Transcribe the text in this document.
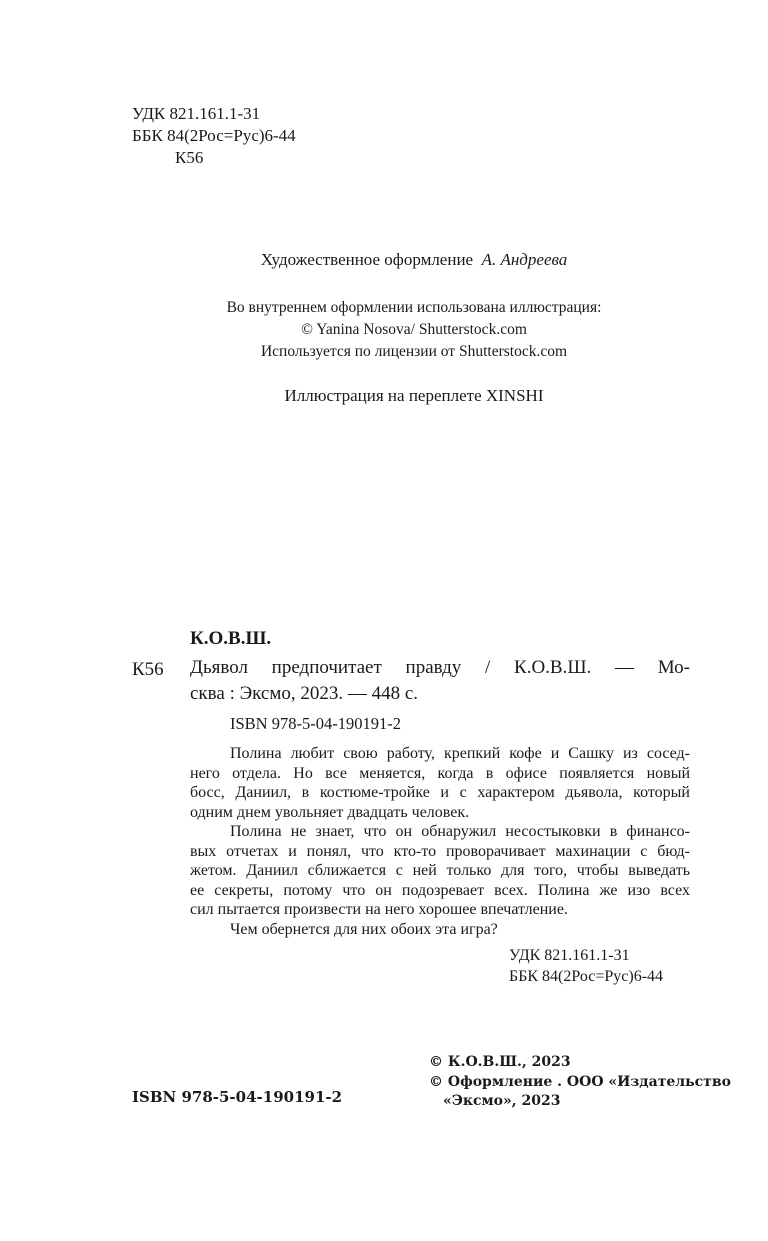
УДК 821.161.1-31
ББК 84(2Рос=Рус)6-44
К56
Художественное оформление А. Андреева
Во внутреннем оформлении использована иллюстрация:
© Yanina Nosova/ Shutterstock.com
Используется по лицензии от Shutterstock.com
Иллюстрация на переплете XINSHI
К.О.В.Ш.
К56 Дьявол предпочитает правду / К.О.В.Ш. — Мо-
сква : Эксмо, 2023. — 448 с.
ISBN 978-5-04-190191-2
Полина любит свою работу, крепкий кофе и Сашку из сосед-
него отдела. Но все меняется, когда в офисе появляется новый
босс, Даниил, в костюме-тройке и с характером дьявола, который
одним днем увольняет двадцать человек.
Полина не знает, что он обнаружил несостыковки в финансо-
вых отчетах и понял, что кто-то проворачивает махинации с бюд-
жетом. Даниил сближается с ней только для того, чтобы выведать
ее секреты, потому что он подозревает всех. Полина же изо всех
сил пытается произвести на него хорошее впечатление.
Чем обернется для них обоих эта игра?
УДК 821.161.1-31
ББК 84(2Рос=Рус)6-44
© К.О.В.Ш., 2023
© Оформление . ООО «Издательство
«Эксмо», 2023
ISBN 978-5-04-190191-2
